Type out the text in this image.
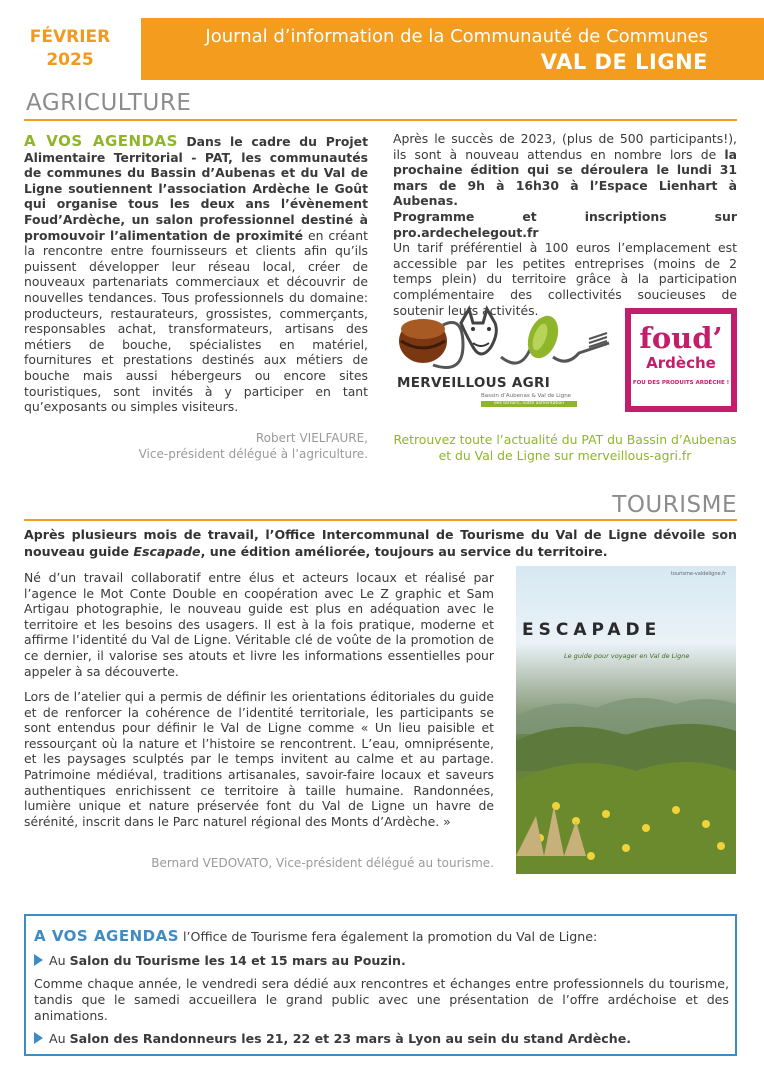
FÉVRIER
2025
Journal d’information de la Communauté de Communes
VAL DE LIGNE
AGRICULTURE
A VOS AGENDAS Dans le cadre du Projet Alimentaire Territorial - PAT, les communautés de communes du Bassin d’Aubenas et du Val de Ligne soutiennent l’association Ardèche le Goût qui organise tous les deux ans l’évènement Foud’Ardèche, un salon professionnel destiné à promouvoir l’alimentation de proximité en créant la rencontre entre fournisseurs et clients afin qu’ils puissent développer leur réseau local, créer de nouveaux partenariats commerciaux et découvrir de nouvelles tendances. Tous professionnels du domaine: producteurs, restaurateurs, grossistes, commerçants, responsables achat, transformateurs, artisans des métiers de bouche, spécialistes en matériel, fournitures et prestations destinés aux métiers de bouche mais aussi hébergeurs ou encore sites touristiques, sont invités à y participer en tant qu’exposants ou simples visiteurs.
Robert VIELFAURE,
Vice-président délégué à l’agriculture.
Après le succès de 2023, (plus de 500 participants!), ils sont à nouveau attendus en nombre lors de la prochaine édition qui se déroulera le lundi 31 mars de 9h à 16h30 à l’Espace Lienhart à Aubenas.
Programme et inscriptions sur pro.ardechelegout.fr
Un tarif préférentiel à 100 euros l’emplacement est accessible par les petites entreprises (moins de 2 temps plein) du territoire grâce à la participation complémentaire des collectivités soucieuses de soutenir leurs activités.
MERVEILLOUS AGRI
Bassin d’Aubenas & Val de Ligne
des terroirs, notre alimentation
foud’
Ardèche
FOU DES PRODUITS ARDÈCHE !
Retrouvez toute l’actualité du PAT du Bassin d’Aubenas et du Val de Ligne sur merveillous-agri.fr
TOURISME
Après plusieurs mois de travail, l’Office Intercommunal de Tourisme du Val de Ligne dévoile son nouveau guide Escapade, une édition améliorée, toujours au service du territoire.
Né d’un travail collaboratif entre élus et acteurs locaux et réalisé par l’agence le Mot Conte Double en coopération avec Le Z graphic et Sam Artigau photographie, le nouveau guide est plus en adéquation avec le territoire et les besoins des usagers. Il est à la fois pratique, moderne et affirme l’identité du Val de Ligne. Véritable clé de voûte de la promotion de ce dernier, il valorise ses atouts et livre les informations essentielles pour appeler à sa découverte.
Lors de l’atelier qui a permis de définir les orientations éditoriales du guide et de renforcer la cohérence de l’identité territoriale, les participants se sont entendus pour définir le Val de Ligne comme « Un lieu paisible et ressourçant où la nature et l’histoire se rencontrent. L’eau, omniprésente, et les paysages sculptés par le temps invitent au calme et au partage. Patrimoine médiéval, traditions artisanales, savoir-faire locaux et saveurs authentiques enrichissent ce territoire à taille humaine. Randonnées, lumière unique et nature préservée font du Val de Ligne un havre de sérénité, inscrit dans le Parc naturel régional des Monts d’Ardèche. »
Bernard VEDOVATO, Vice-président délégué au tourisme.
tourisme-valdeligne.fr
ESCAPADE
Le guide pour voyager en Val de Ligne
A VOS AGENDAS l’Office de Tourisme fera également la promotion du Val de Ligne:
Au Salon du Tourisme les 14 et 15 mars au Pouzin.
Comme chaque année, le vendredi sera dédié aux rencontres et échanges entre professionnels du tourisme, tandis que le samedi accueillera le grand public avec une présentation de l’offre ardéchoise et des animations.
Au Salon des Randonneurs les 21, 22 et 23 mars à Lyon au sein du stand Ardèche.
